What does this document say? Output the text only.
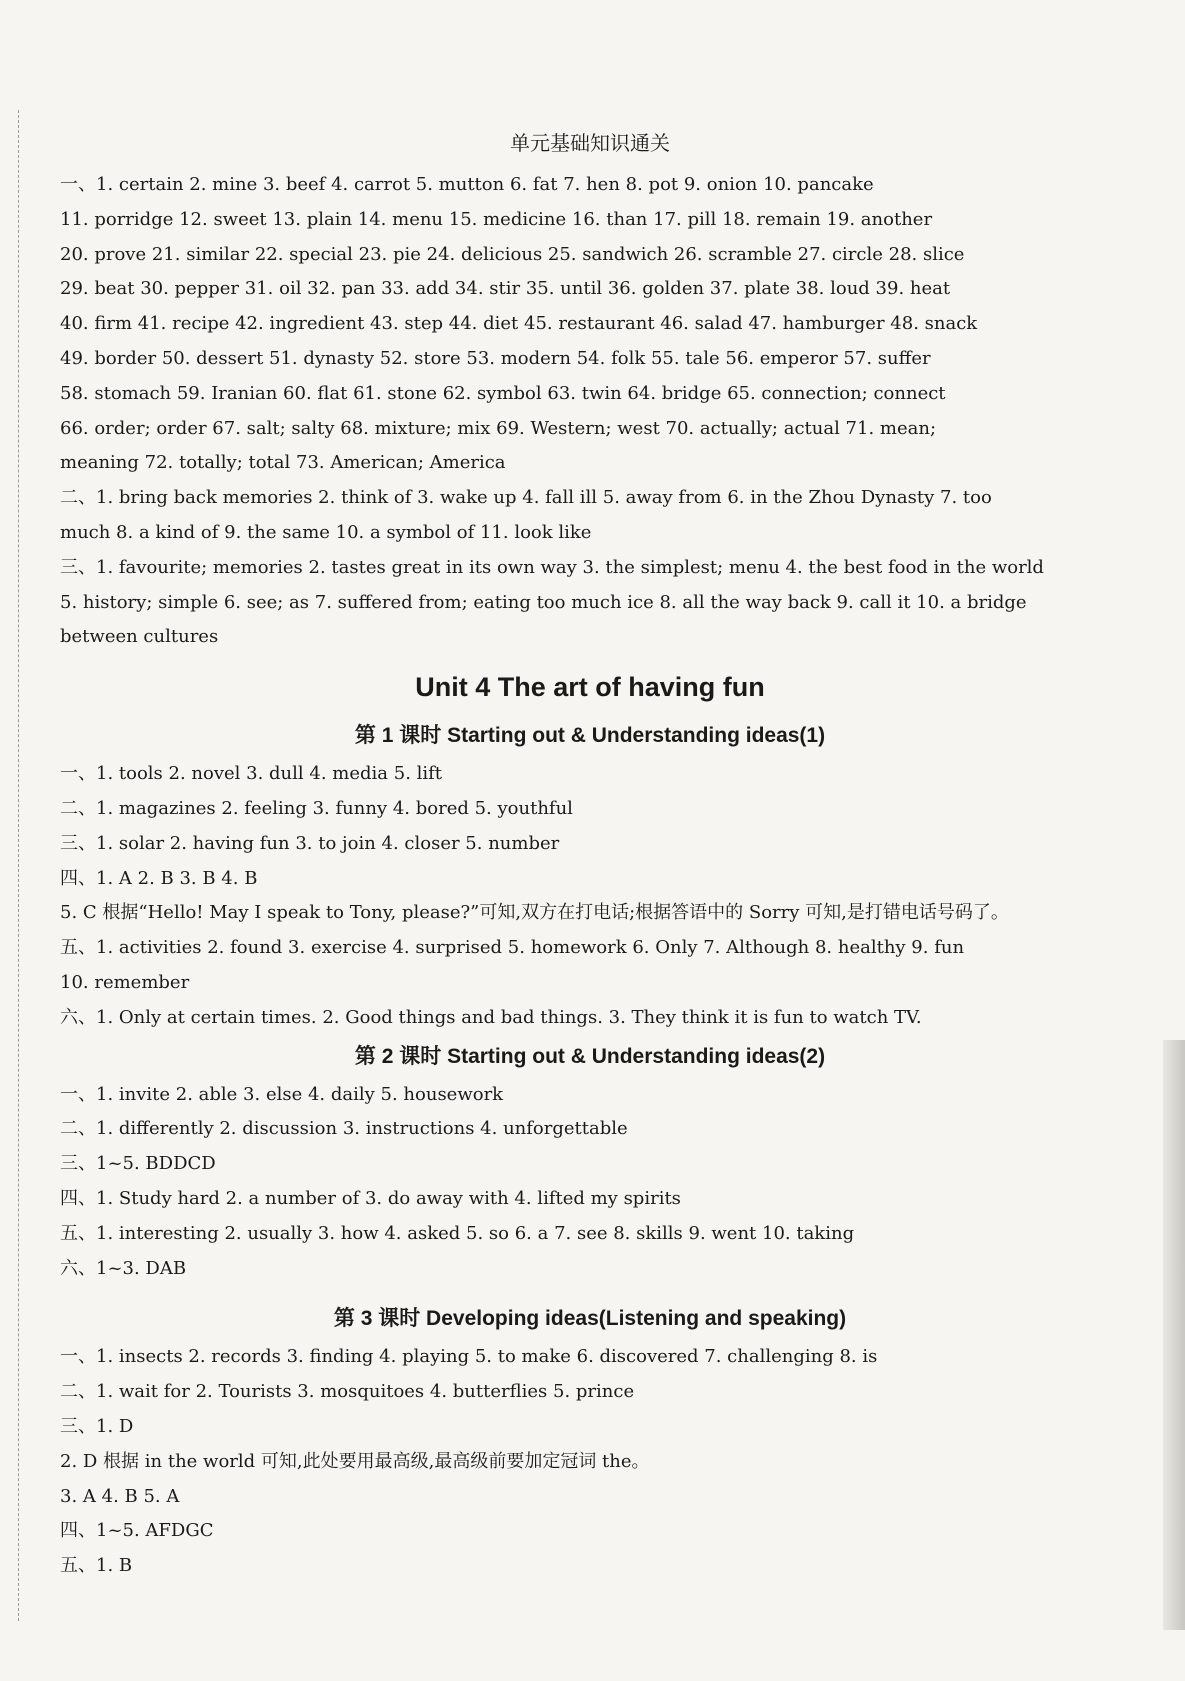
单元基础知识通关

一、1. certain 2. mine 3. beef 4. carrot 5. mutton 6. fat 7. hen 8. pot 9. onion 10. pancake

11. porridge 12. sweet 13. plain 14. menu 15. medicine 16. than 17. pill 18. remain 19. another

20. prove 21. similar 22. special 23. pie 24. delicious 25. sandwich 26. scramble 27. circle 28. slice

29. beat 30. pepper 31. oil 32. pan 33. add 34. stir 35. until 36. golden 37. plate 38. loud 39. heat

40. firm 41. recipe 42. ingredient 43. step 44. diet 45. restaurant 46. salad 47. hamburger 48. snack

49. border 50. dessert 51. dynasty 52. store 53. modern 54. folk 55. tale 56. emperor 57. suffer

58. stomach 59. Iranian 60. flat 61. stone 62. symbol 63. twin 64. bridge 65. connection; connect

66. order; order 67. salt; salty 68. mixture; mix 69. Western; west 70. actually; actual 71. mean;

meaning 72. totally; total 73. American; America

二、1. bring back memories 2. think of 3. wake up 4. fall ill 5. away from 6. in the Zhou Dynasty 7. too

much 8. a kind of 9. the same 10. a symbol of 11. look like

三、1. favourite; memories 2. tastes great in its own way 3. the simplest; menu 4. the best food in the world

5. history; simple 6. see; as 7. suffered from; eating too much ice 8. all the way back 9. call it 10. a bridge

between cultures

Unit 4 The art of having fun
第 1 课时 Starting out & Understanding ideas(1)

一、1. tools 2. novel 3. dull 4. media 5. lift

二、1. magazines 2. feeling 3. funny 4. bored 5. youthful

三、1. solar 2. having fun 3. to join 4. closer 5. number

四、1. A 2. B 3. B 4. B

5. C 根据“Hello! May I speak to Tony, please?”可知,双方在打电话;根据答语中的 Sorry 可知,是打错电话号码了。

五、1. activities 2. found 3. exercise 4. surprised 5. homework 6. Only 7. Although 8. healthy 9. fun

10. remember

六、1. Only at certain times. 2. Good things and bad things. 3. They think it is fun to watch TV.

第 2 课时 Starting out & Understanding ideas(2)

一、1. invite 2. able 3. else 4. daily 5. housework

二、1. differently 2. discussion 3. instructions 4. unforgettable

三、1~5. BDDCD

四、1. Study hard 2. a number of 3. do away with 4. lifted my spirits

五、1. interesting 2. usually 3. how 4. asked 5. so 6. a 7. see 8. skills 9. went 10. taking

六、1~3. DAB

第 3 课时 Developing ideas(Listening and speaking)

一、1. insects 2. records 3. finding 4. playing 5. to make 6. discovered 7. challenging 8. is

二、1. wait for 2. Tourists 3. mosquitoes 4. butterflies 5. prince

三、1. D

2. D 根据 in the world 可知,此处要用最高级,最高级前要加定冠词 the。

3. A 4. B 5. A

四、1~5. AFDGC

五、1. B
